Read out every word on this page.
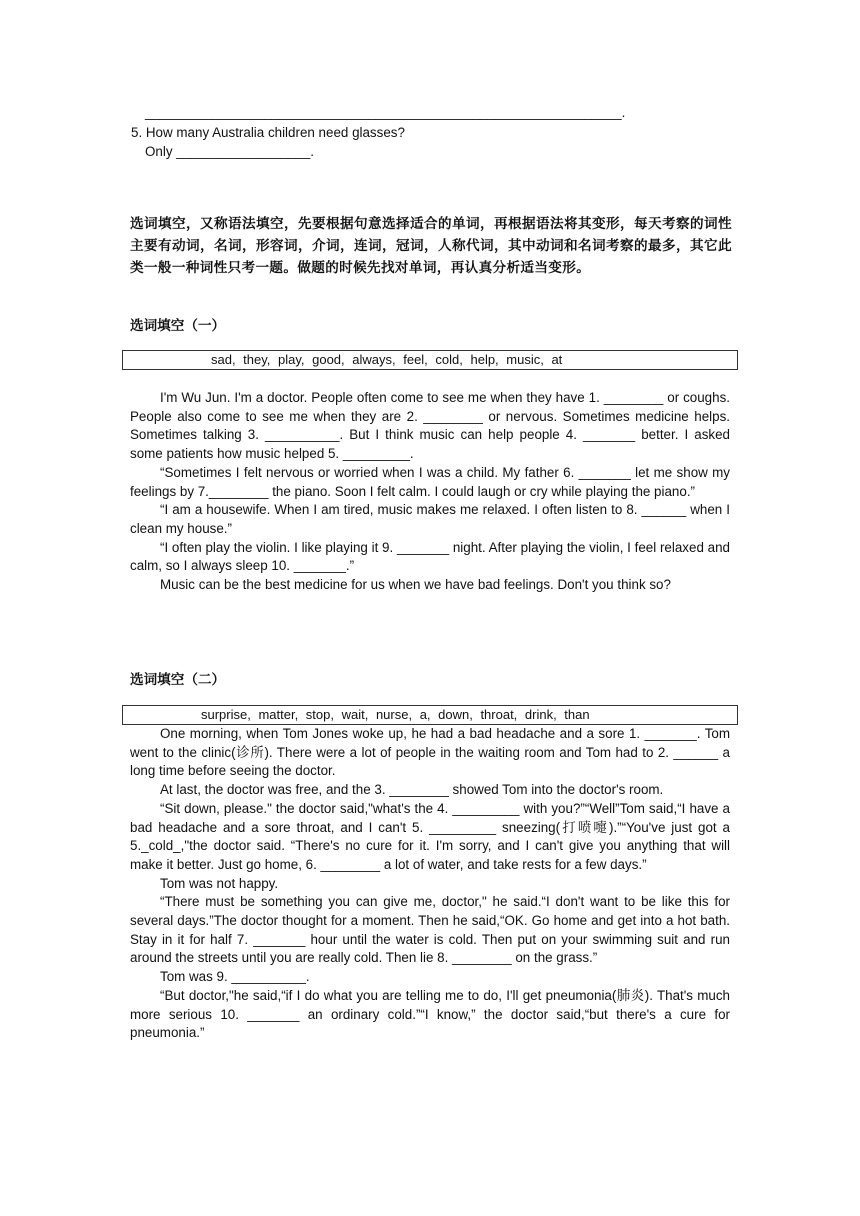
________________________________________________________________.
5. How many Australia children need glasses?
Only __________________.
选词填空，又称语法填空，先要根据句意选择适合的单词，再根据语法将其变形，每天考察的词性主要有动词，名词，形容词，介词，连词，冠词，人称代词，其中动词和名词考察的最多，其它此类一般一种词性只考一题。做题的时候先找对单词，再认真分析适当变形。
选词填空（一）
sad, they, play, good, always, feel, cold, help, music, at

I'm Wu Jun. I'm a doctor. People often come to see me when they have 1. ________ or coughs. People also come to see me when they are 2. ________ or nervous. Sometimes medicine helps. Sometimes talking 3. __________. But I think music can help people 4. _______ better. I asked some patients how music helped 5. _________.

“Sometimes I felt nervous or worried when I was a child. My father 6. _______ let me show my feelings by 7.________ the piano. Soon I felt calm. I could laugh or cry while playing the piano.”

“I am a housewife. When I am tired, music makes me relaxed. I often listen to 8. ______ when I clean my house.”

“I often play the violin. I like playing it 9. _______ night. After playing the violin, I feel relaxed and calm, so I always sleep 10. _______.”

Music can be the best medicine for us when we have bad feelings. Don't you think so?

选词填空（二）
surprise, matter, stop, wait, nurse, a, down, throat, drink, than

One morning, when Tom Jones woke up, he had a bad headache and a sore 1. _______. Tom went to the clinic(诊所). There were a lot of people in the waiting room and Tom had to 2. ______ a long time before seeing the doctor.

At last, the doctor was free, and the 3. ________ showed Tom into the doctor's room.

“Sit down, please." the doctor said,"what's the 4. _________ with you?”“Well”Tom said,“I have a bad headache and a sore throat, and I can't 5. _________ sneezing(打喷嚏).”“You've just got a 5._cold_,"the doctor said. “There's no cure for it. I'm sorry, and I can't give you anything that will make it better. Just go home, 6. ________ a lot of water, and take rests for a few days.”

Tom was not happy.

“There must be something you can give me, doctor," he said.“I don't want to be like this for several days.”The doctor thought for a moment. Then he said,“OK. Go home and get into a hot bath. Stay in it for half 7. _______ hour until the water is cold. Then put on your swimming suit and run around the streets until you are really cold. Then lie 8. ________ on the grass.”

Tom was 9. __________.

“But doctor,"he said,“if I do what you are telling me to do, I'll get pneumonia(肺炎). That's much more serious 10. _______ an ordinary cold.”“I know,” the doctor said,“but there's a cure for pneumonia.”
